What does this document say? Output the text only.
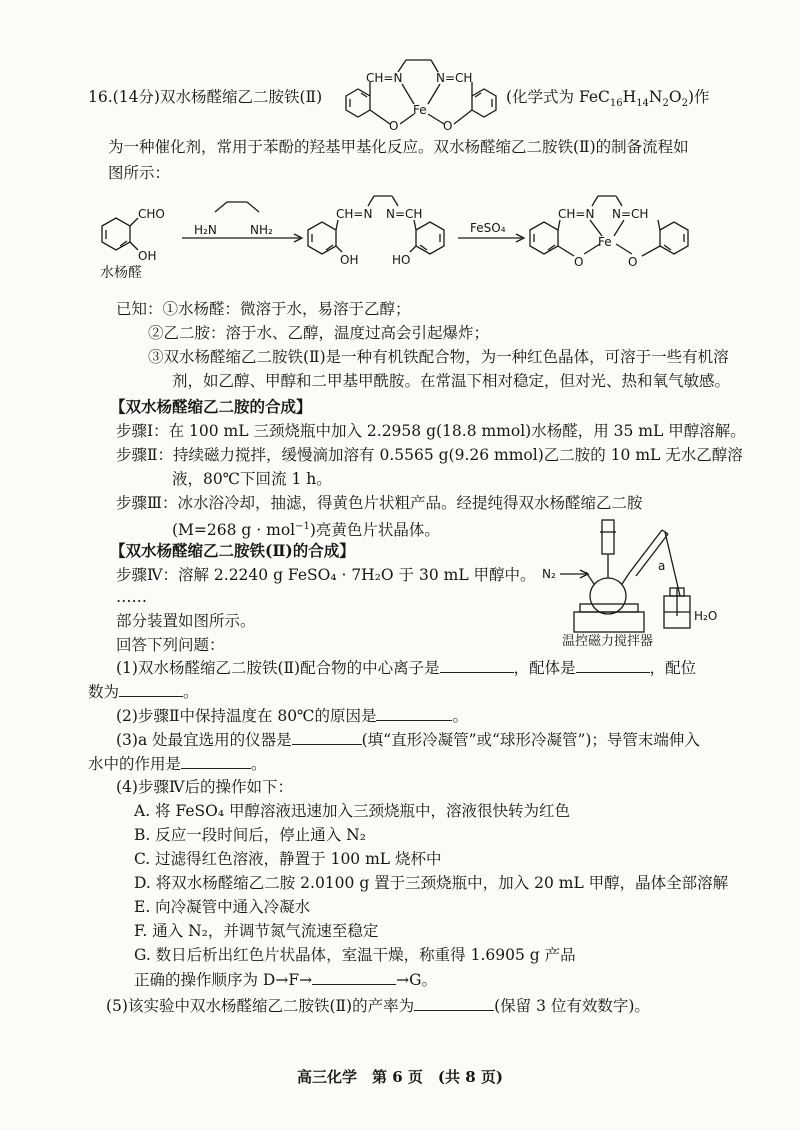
16.(14分)双水杨醛缩乙二胺铁(Ⅱ)
CH=N	N=CH
Fe
O	O
(化学式为 $FeC_{16}H_{14}N_2O_2$)作
为一种催化剂，常用于苯酚的羟基甲基化反应。双水杨醛缩乙二胺铁(Ⅱ)的制备流程如
图所示：
CHO
OH
H₂N	NH₂
CH=N N=CH
OH	HO
FeSO₄
CH=N N=CH
Fe
O	O
水杨醛
已知：①水杨醛：微溶于水，易溶于乙醇；
②乙二胺：溶于水、乙醇，温度过高会引起爆炸；
③双水杨醛缩乙二胺铁(Ⅱ)是一种有机铁配合物，为一种红色晶体，可溶于一些有机溶
剂，如乙醇、甲醇和二甲基甲酰胺。在常温下相对稳定，但对光、热和氧气敏感。
【双水杨醛缩乙二胺的合成】
步骤Ⅰ：在 100 mL 三颈烧瓶中加入 2.2958 g(18.8 mmol)水杨醛，用 35 mL 甲醇溶解。
步骤Ⅱ：持续磁力搅拌，缓慢滴加溶有 0.5565 g(9.26 mmol)乙二胺的 10 mL 无水乙醇溶
液，80℃下回流 1 h。
步骤Ⅲ：冰水浴冷却，抽滤，得黄色片状粗产品。经提纯得双水杨醛缩乙二胺
(M=268 g · mol$^{-1}$)亮黄色片状晶体。
【双水杨醛缩乙二胺铁(Ⅱ)的合成】
步骤Ⅳ：溶解 2.2240 g FeSO₄ · 7H₂O 于 30 mL 甲醇中。
……
部分装置如图所示。
回答下列问题：
N₂
a
H₂O
温控磁力搅拌器
(1)双水杨醛缩乙二胺铁(Ⅱ)配合物的中心离子是	，配体是	，配位
数为	。
(2)步骤Ⅱ中保持温度在 80℃的原因是	。
(3)a 处最宜选用的仪器是	(填“直形冷凝管”或“球形冷凝管”)；导管末端伸入
水中的作用是	。
(4)步骤Ⅳ后的操作如下：
A. 将 FeSO₄ 甲醇溶液迅速加入三颈烧瓶中，溶液很快转为红色
B. 反应一段时间后，停止通入 N₂
C. 过滤得红色溶液，静置于 100 mL 烧杯中
D. 将双水杨醛缩乙二胺 2.0100 g 置于三颈烧瓶中，加入 20 mL 甲醇，晶体全部溶解
E. 向冷凝管中通入冷凝水
F. 通入 N₂，并调节氮气流速至稳定
G. 数日后析出红色片状晶体，室温干燥，称重得 1.6905 g 产品
正确的操作顺序为 D→F→	→G。
(5)该实验中双水杨醛缩乙二胺铁(Ⅱ)的产率为	(保留 3 位有效数字)。
高三化学　第 6 页　(共 8 页)
